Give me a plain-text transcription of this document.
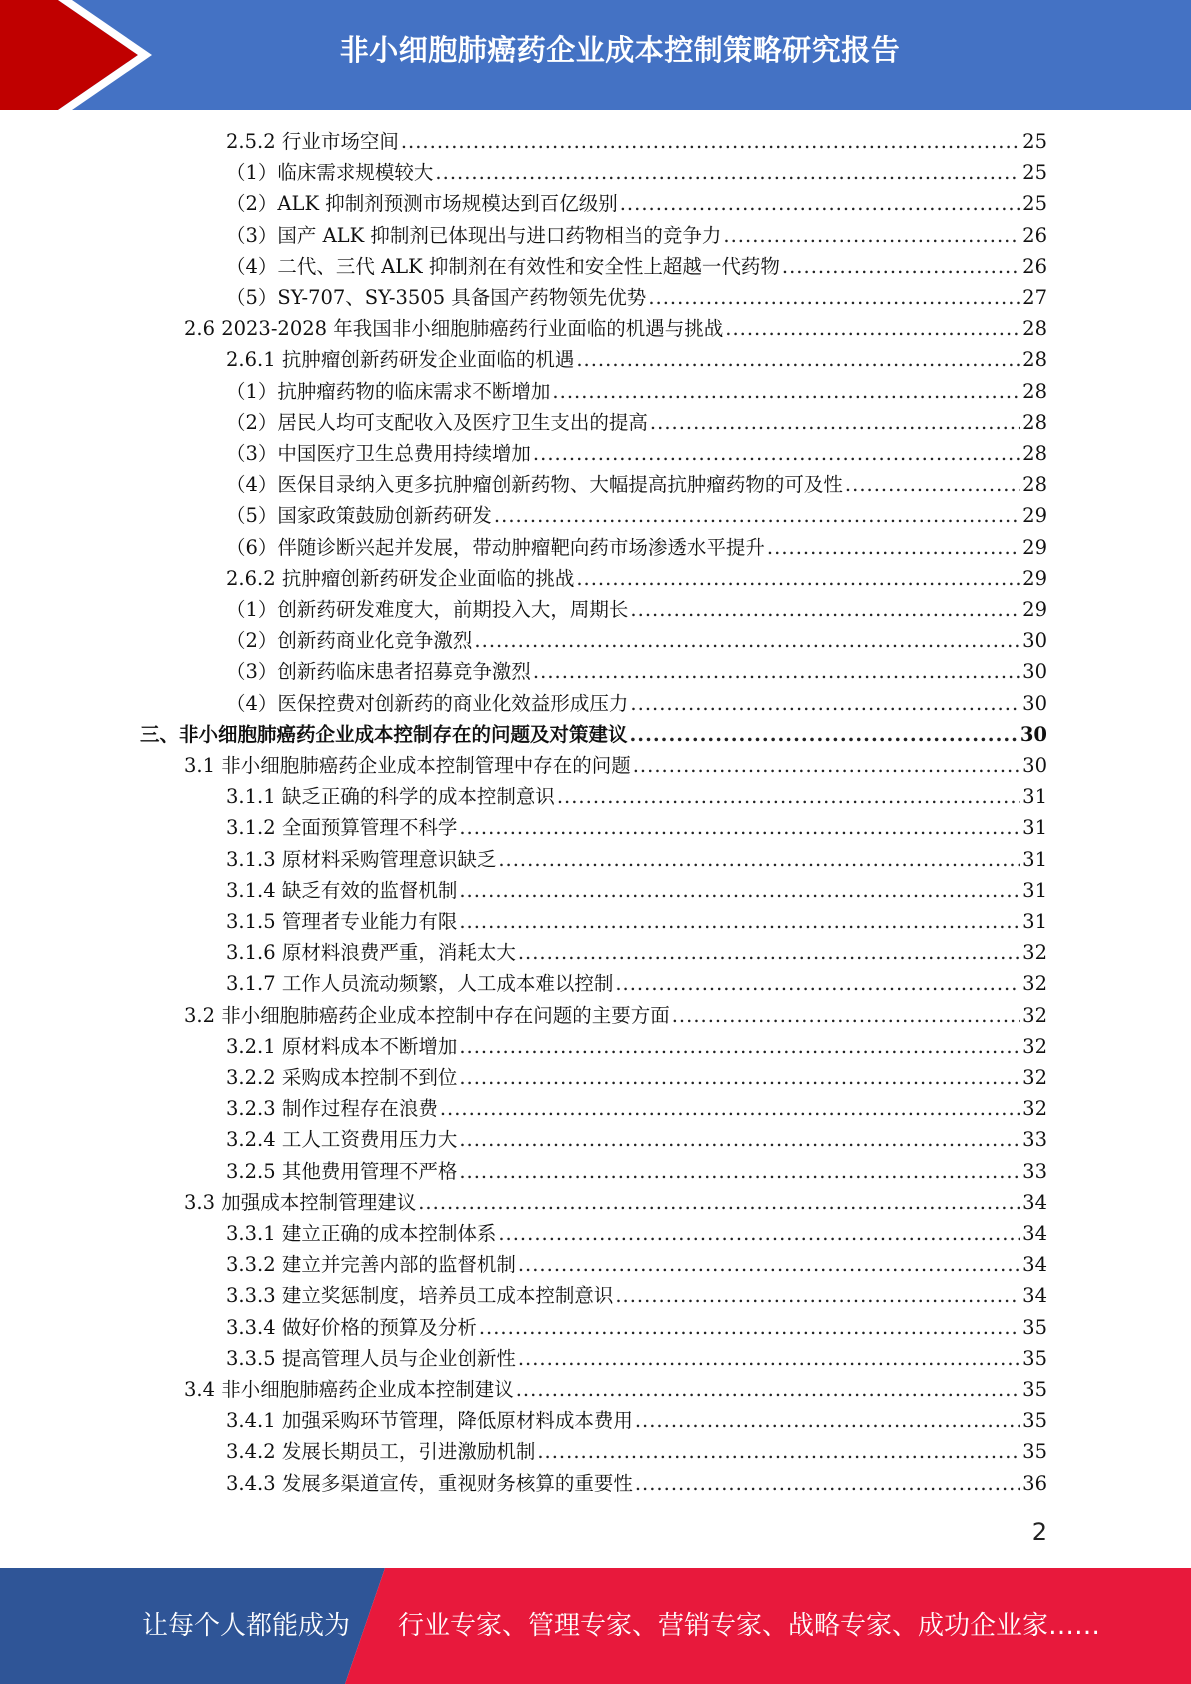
非小细胞肺癌药企业成本控制策略研究报告
2.5.2 行业市场空间 .....	25
（1）临床需求规模较大 .....	25
（2）ALK 抑制剂预测市场规模达到百亿级别 .....	25
（3）国产 ALK 抑制剂已体现出与进口药物相当的竞争力 .....	26
（4）二代、三代 ALK 抑制剂在有效性和安全性上超越一代药物 .....	26
（5）SY-707、SY-3505 具备国产药物领先优势 .....	27
2.6 2023-2028 年我国非小细胞肺癌药行业面临的机遇与挑战 .....	28
2.6.1 抗肿瘤创新药研发企业面临的机遇 .....	28
（1）抗肿瘤药物的临床需求不断增加 .....	28
（2）居民人均可支配收入及医疗卫生支出的提高 .....	28
（3）中国医疗卫生总费用持续增加 .....	28
（4）医保目录纳入更多抗肿瘤创新药物、大幅提高抗肿瘤药物的可及性 .....	28
（5）国家政策鼓励创新药研发 .....	29
（6）伴随诊断兴起并发展，带动肿瘤靶向药市场渗透水平提升 .....	29
2.6.2 抗肿瘤创新药研发企业面临的挑战 .....	29
（1）创新药研发难度大，前期投入大，周期长 .....	29
（2）创新药商业化竞争激烈 .....	30
（3）创新药临床患者招募竞争激烈 .....	30
（4）医保控费对创新药的商业化效益形成压力 .....	30
三、非小细胞肺癌药企业成本控制存在的问题及对策建议 .....	30
3.1 非小细胞肺癌药企业成本控制管理中存在的问题 .....	30
3.1.1 缺乏正确的科学的成本控制意识 .....	31
3.1.2 全面预算管理不科学 .....	31
3.1.3 原材料采购管理意识缺乏 .....	31
3.1.4 缺乏有效的监督机制 .....	31
3.1.5 管理者专业能力有限 .....	31
3.1.6 原材料浪费严重，消耗太大 .....	32
3.1.7 工作人员流动频繁，人工成本难以控制 .....	32
3.2 非小细胞肺癌药企业成本控制中存在问题的主要方面 .....	32
3.2.1 原材料成本不断增加 .....	32
3.2.2 采购成本控制不到位 .....	32
3.2.3 制作过程存在浪费 .....	32
3.2.4 工人工资费用压力大 .....	33
3.2.5 其他费用管理不严格 .....	33
3.3 加强成本控制管理建议 .....	34
3.3.1 建立正确的成本控制体系 .....	34
3.3.2 建立并完善内部的监督机制 .....	34
3.3.3 建立奖惩制度，培养员工成本控制意识 .....	34
3.3.4 做好价格的预算及分析 .....	35
3.3.5 提高管理人员与企业创新性 .....	35
3.4 非小细胞肺癌药企业成本控制建议 .....	35
3.4.1 加强采购环节管理，降低原材料成本费用 .....	35
3.4.2 发展长期员工，引进激励机制 .....	35
3.4.3 发展多渠道宣传，重视财务核算的重要性 .....	36
2
让每个人都能成为 行业专家、管理专家、营销专家、战略专家、成功企业家……
